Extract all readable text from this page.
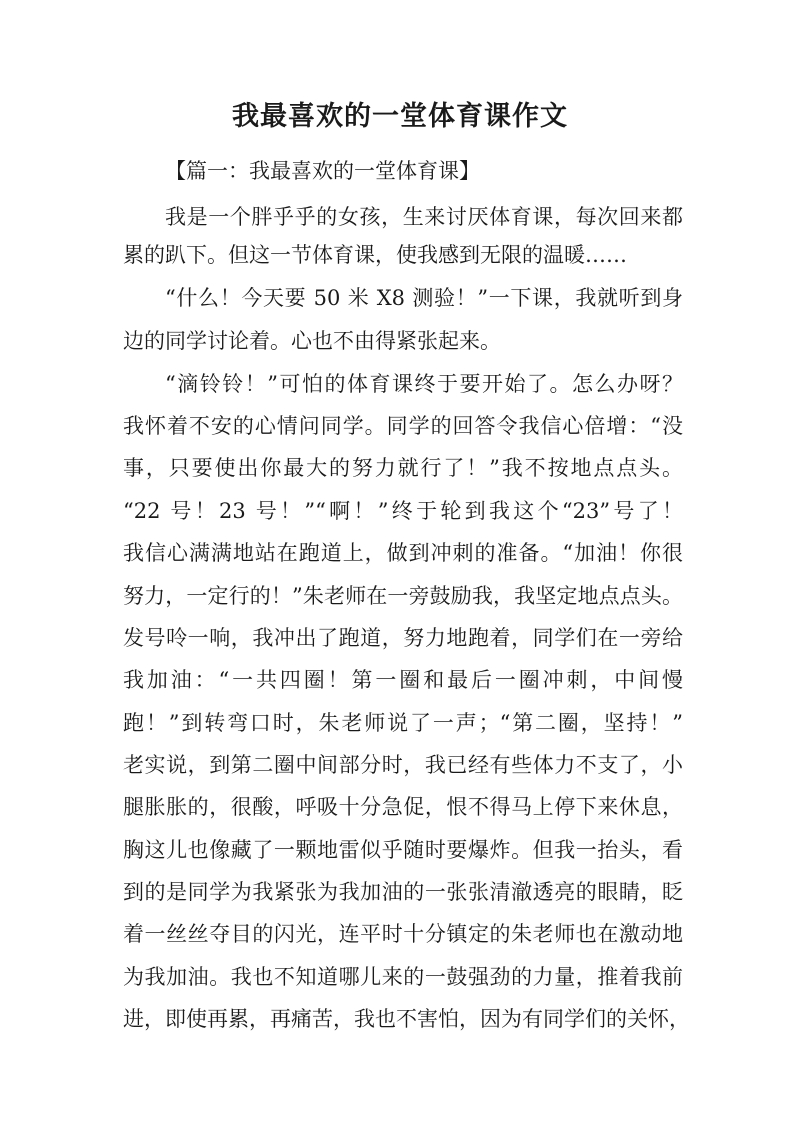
我最喜欢的一堂体育课作文

【篇一：我最喜欢的一堂体育课】

我是一个胖乎乎的女孩，生来讨厌体育课，每次回来都

累的趴下。但这一节体育课，使我感到无限的温暖……

“什么！今天要 50 米 X8 测验！”一下课，我就听到身

边的同学讨论着。心也不由得紧张起来。

“滴铃铃！”可怕的体育课终于要开始了。怎么办呀？

我怀着不安的心情问同学。同学的回答令我信心倍增：“没

事，只要使出你最大的努力就行了！”我不按地点点头。

“22 号！23 号！”“啊！”终于轮到我这个“23”号了！

我信心满满地站在跑道上，做到冲刺的准备。“加油！你很

努力，一定行的！”朱老师在一旁鼓励我，我坚定地点点头。

发号呤一响，我冲出了跑道，努力地跑着，同学们在一旁给

我加油：“一共四圈！第一圈和最后一圈冲刺，中间慢

跑！”到转弯口时，朱老师说了一声；“第二圈，坚持！”

老实说，到第二圈中间部分时，我已经有些体力不支了，小

腿胀胀的，很酸，呼吸十分急促，恨不得马上停下来休息，

胸这儿也像藏了一颗地雷似乎随时要爆炸。但我一抬头，看

到的是同学为我紧张为我加油的一张张清澈透亮的眼睛，眨

着一丝丝夺目的闪光，连平时十分镇定的朱老师也在激动地

为我加油。我也不知道哪儿来的一鼓强劲的力量，推着我前

进，即使再累，再痛苦，我也不害怕，因为有同学们的关怀，
